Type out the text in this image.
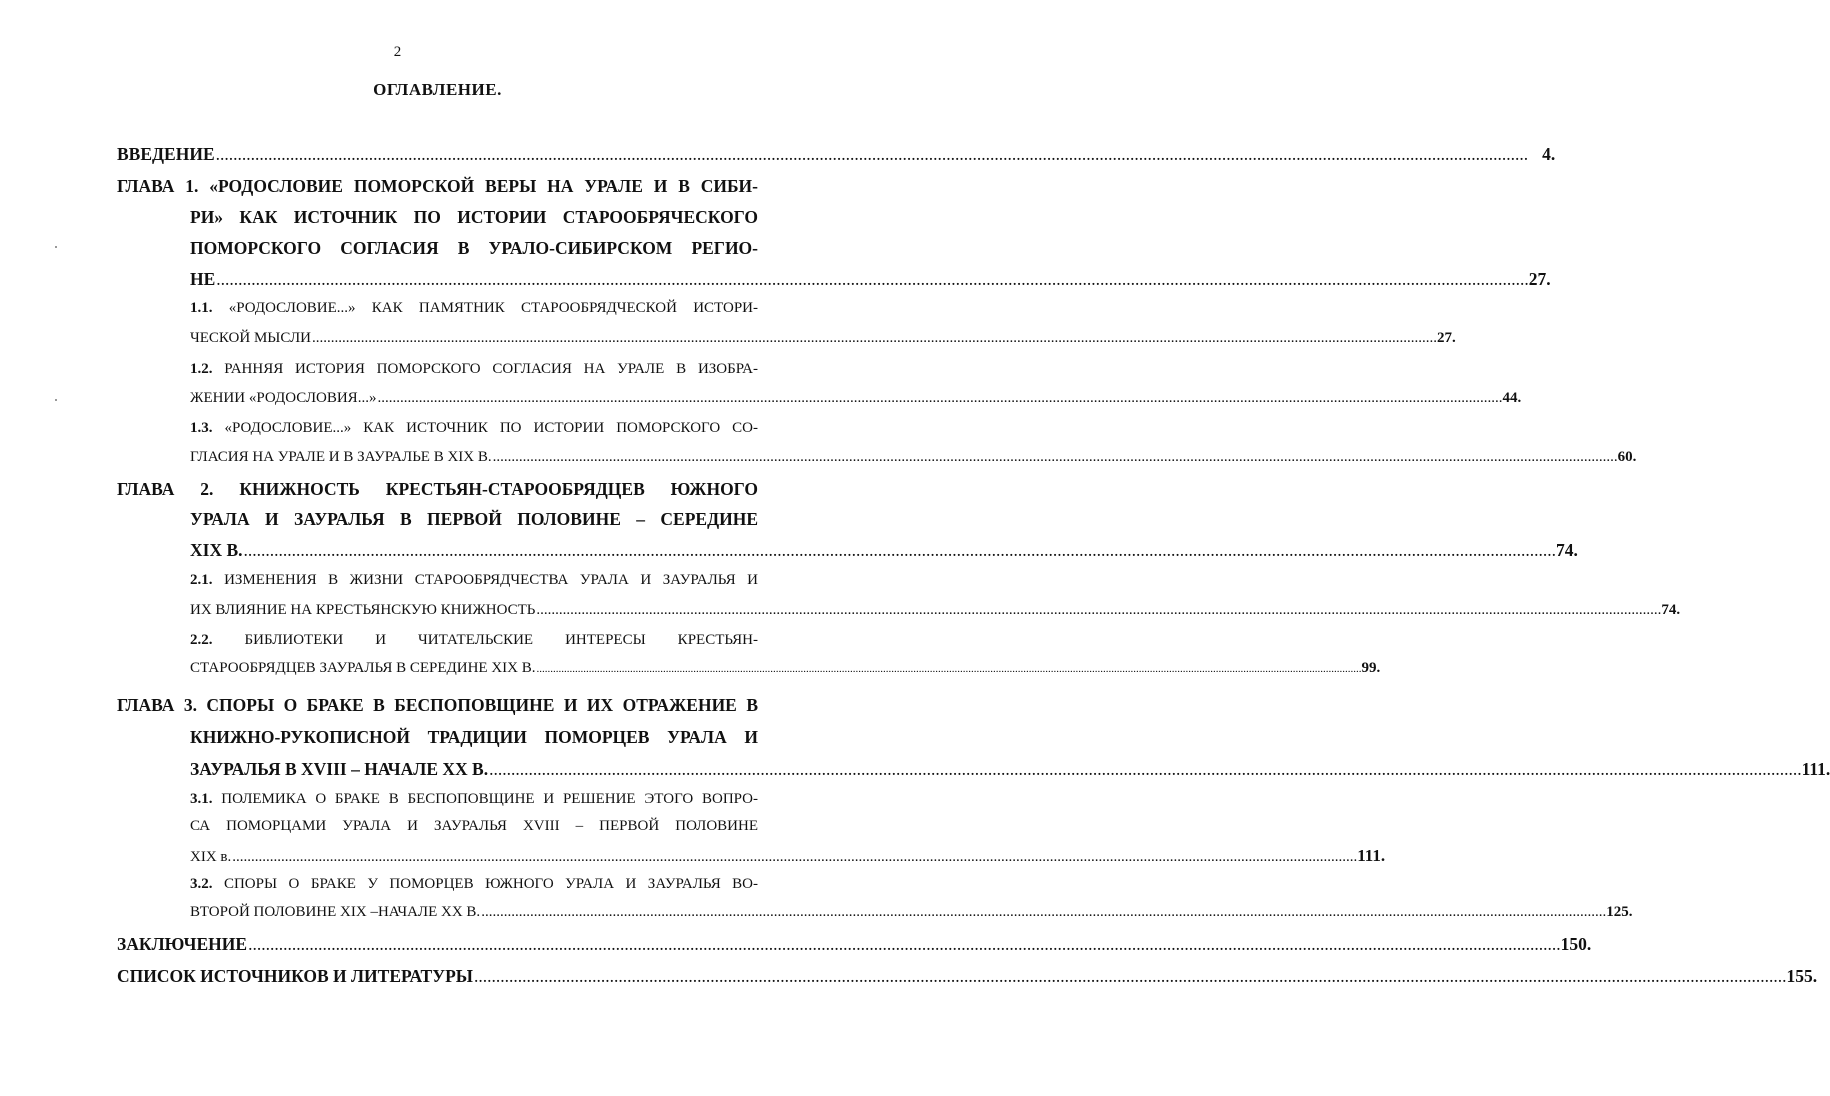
2
ОГЛАВЛЕНИЕ.
ВВЕДЕНИЕ ............................................................................................................................................................................................................................................................................................................ 4.
ГЛАВА 1. «РОДОСЛОВИЕ ПОМОРСКОЙ ВЕРЫ НА УРАЛЕ И В СИБИ-
РИ» КАК ИСТОЧНИК ПО ИСТОРИИ СТАРООБРЯЧЕСКОГО
ПОМОРСКОГО СОГЛАСИЯ В УРАЛО-СИБИРСКОМ РЕГИО-
НЕ ............................................................................................................................................................................................................................................................................................................ 27.
1.1. «РОДОСЛОВИЕ...» КАК ПАМЯТНИК СТАРООБРЯДЧЕСКОЙ ИСТОРИ-
ЧЕСКОЙ МЫСЛИ ............................................................................................................................................................................................................................................................................................................ 27.
1.2. РАННЯЯ ИСТОРИЯ ПОМОРСКОГО СОГЛАСИЯ НА УРАЛЕ В ИЗОБРА-
ЖЕНИИ «РОДОСЛОВИЯ...» ............................................................................................................................................................................................................................................................................................................ 44.
1.3. «РОДОСЛОВИЕ...» КАК ИСТОЧНИК ПО ИСТОРИИ ПОМОРСКОГО СО-
ГЛАСИЯ НА УРАЛЕ И В ЗАУРАЛЬЕ В XIX В. ............................................................................................................................................................................................................................................................................................................ 60.
ГЛАВА 2. КНИЖНОСТЬ КРЕСТЬЯН-СТАРООБРЯДЦЕВ ЮЖНОГО
УРАЛА И ЗАУРАЛЬЯ В ПЕРВОЙ ПОЛОВИНЕ – СЕРЕДИНЕ
XIX В. ............................................................................................................................................................................................................................................................................................................ 74.
2.1. ИЗМЕНЕНИЯ В ЖИЗНИ СТАРООБРЯДЧЕСТВА УРАЛА И ЗАУРАЛЬЯ И
ИХ ВЛИЯНИЕ НА КРЕСТЬЯНСКУЮ КНИЖНОСТЬ ............................................................................................................................................................................................................................................................................................................ 74.
2.2. БИБЛИОТЕКИ И ЧИТАТЕЛЬСКИЕ ИНТЕРЕСЫ КРЕСТЬЯН-
СТАРООБРЯДЦЕВ ЗАУРАЛЬЯ В СЕРЕДИНЕ XIX В. ............................................................................................................................................................................................................................................................................................................ 99.
ГЛАВА 3. СПОРЫ О БРАКЕ В БЕСПОПОВЩИНЕ И ИХ ОТРАЖЕНИЕ В
КНИЖНО-РУКОПИСНОЙ ТРАДИЦИИ ПОМОРЦЕВ УРАЛА И
ЗАУРАЛЬЯ В XVIII – НАЧАЛЕ XX В. ............................................................................................................................................................................................................................................................................................................ 111.
3.1. ПОЛЕМИКА О БРАКЕ В БЕСПОПОВЩИНЕ И РЕШЕНИЕ ЭТОГО ВОПРО-
СА ПОМОРЦАМИ УРАЛА И ЗАУРАЛЬЯ XVIII – ПЕРВОЙ ПОЛОВИНЕ
XIX в. ............................................................................................................................................................................................................................................................................................................ 111.
3.2. СПОРЫ О БРАКЕ У ПОМОРЦЕВ ЮЖНОГО УРАЛА И ЗАУРАЛЬЯ ВО-
ВТОРОЙ ПОЛОВИНЕ XIX –НАЧАЛЕ XX В. ............................................................................................................................................................................................................................................................................................................ 125.
ЗАКЛЮЧЕНИЕ ............................................................................................................................................................................................................................................................................................................ 150.
СПИСОК ИСТОЧНИКОВ И ЛИТЕРАТУРЫ ............................................................................................................................................................................................................................................................................................................ 155.
